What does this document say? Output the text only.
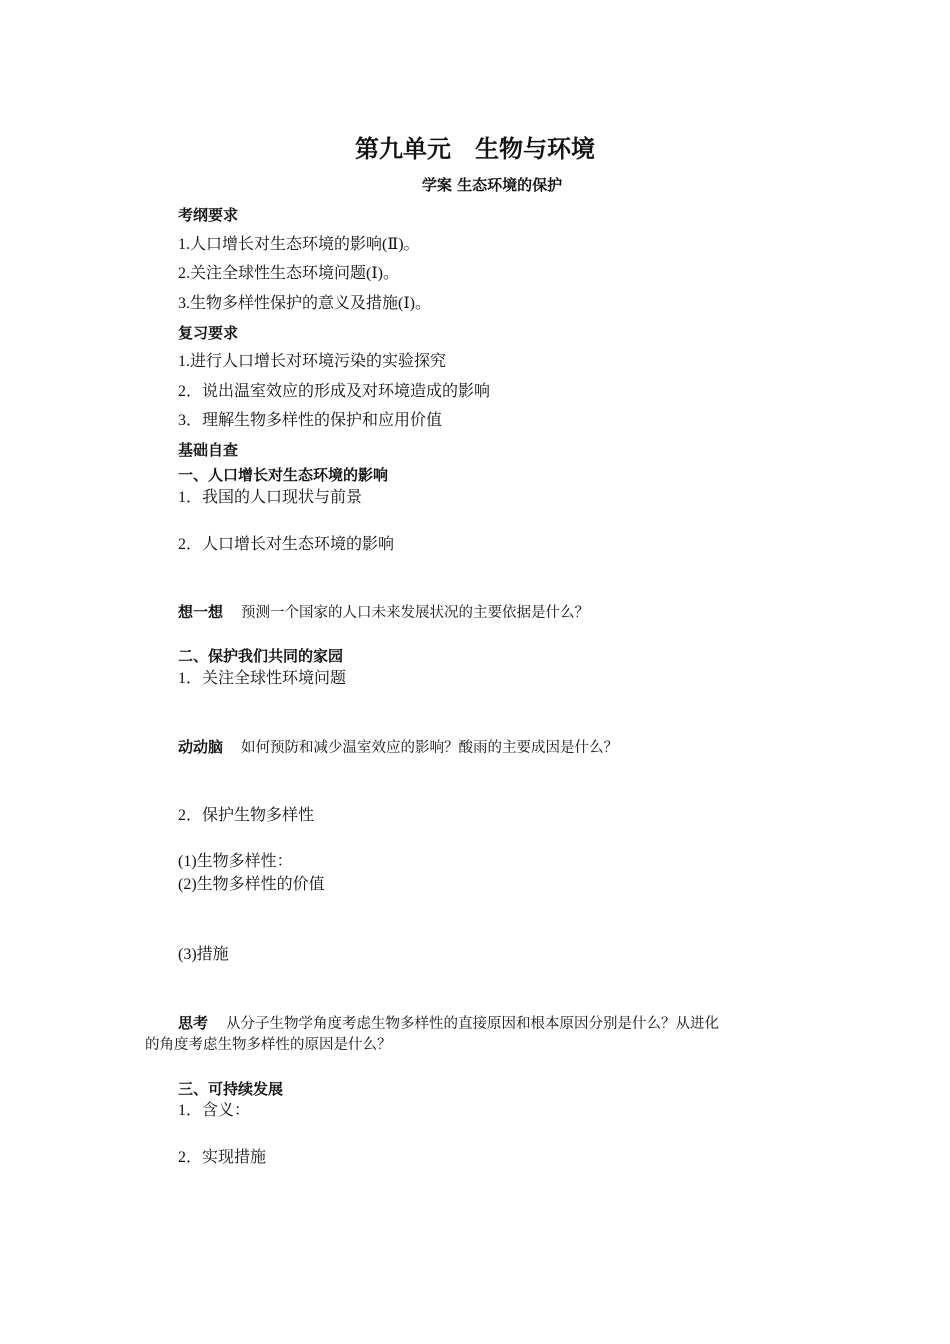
第九单元　生物与环境
学案 生态环境的保护
考纲要求
1.人口增长对生态环境的影响(Ⅱ)。
2.关注全球性生态环境问题(Ⅰ)。
3.生物多样性保护的意义及措施(Ⅰ)。
复习要求
1.进行人口增长对环境污染的实验探究
2．说出温室效应的形成及对环境造成的影响
3．理解生物多样性的保护和应用价值
基础自查
一、人口增长对生态环境的影响
1．我国的人口现状与前景
2．人口增长对生态环境的影响
想一想 预测一个国家的人口未来发展状况的主要依据是什么？
二、保护我们共同的家园
1．关注全球性环境问题
动动脑 如何预防和减少温室效应的影响？酸雨的主要成因是什么？
2．保护生物多样性
(1)生物多样性：
(2)生物多样性的价值
(3)措施
思考 从分子生物学角度考虑生物多样性的直接原因和根本原因分别是什么？从进化
的角度考虑生物多样性的原因是什么？
三、可持续发展
1．含义：
2．实现措施
